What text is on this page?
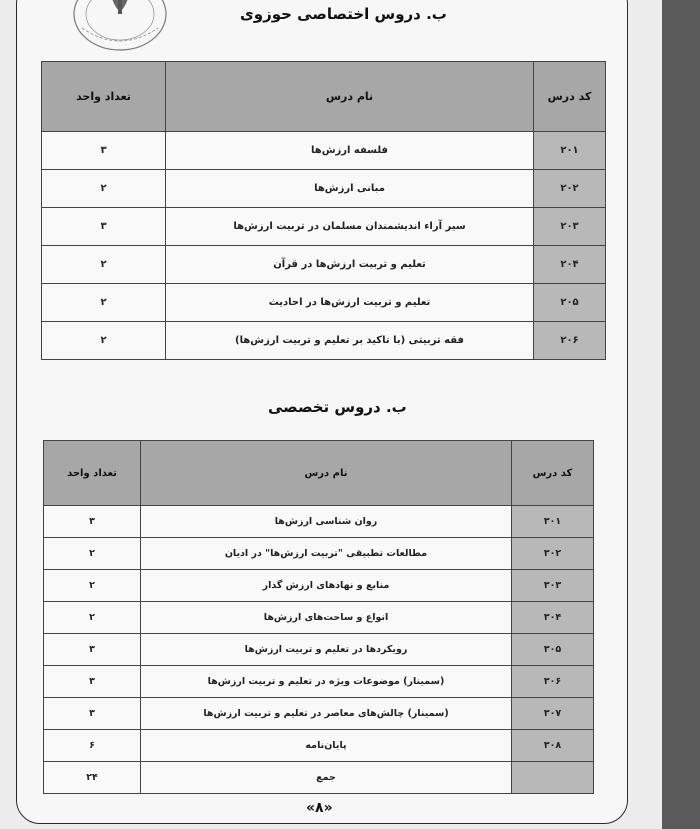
ب. دروس اختصاصی حوزوی
کد درس	نام درس	تعداد واحد
۲۰۱	فلسفه ارزش‌ها	۳
۲۰۲	مبانی ارزش‌ها	۲
۲۰۳	سیر آراء اندیشمندان مسلمان در تربیت ارزش‌ها	۳
۲۰۴	تعلیم و تربیت ارزش‌ها در قرآن	۲
۲۰۵	تعلیم و تربیت ارزش‌ها در احادیث	۲
۲۰۶	فقه تربیتی (با تاکید بر تعلیم و تربیت ارزش‌ها)	۲
ب. دروس تخصصی
کد درس	نام درس	تعداد واحد
۳۰۱	روان شناسی ارزش‌ها	۳
۳۰۲	مطالعات تطبیقی "تربیت ارزش‌ها" در ادیان	۲
۳۰۳	منابع و نهادهای ارزش گذار	۲
۳۰۴	انواع و ساحت‌های ارزش‌ها	۲
۳۰۵	رویکردها در تعلیم و تربیت ارزش‌ها	۳
۳۰۶	(سمینار) موضوعات ویژه در تعلیم و تربیت ارزش‌ها	۳
۳۰۷	(سمینار) چالش‌های معاصر در تعلیم و تربیت ارزش‌ها	۳
۳۰۸	پایان‌نامه	۶
	جمع	۲۴
«۸»
